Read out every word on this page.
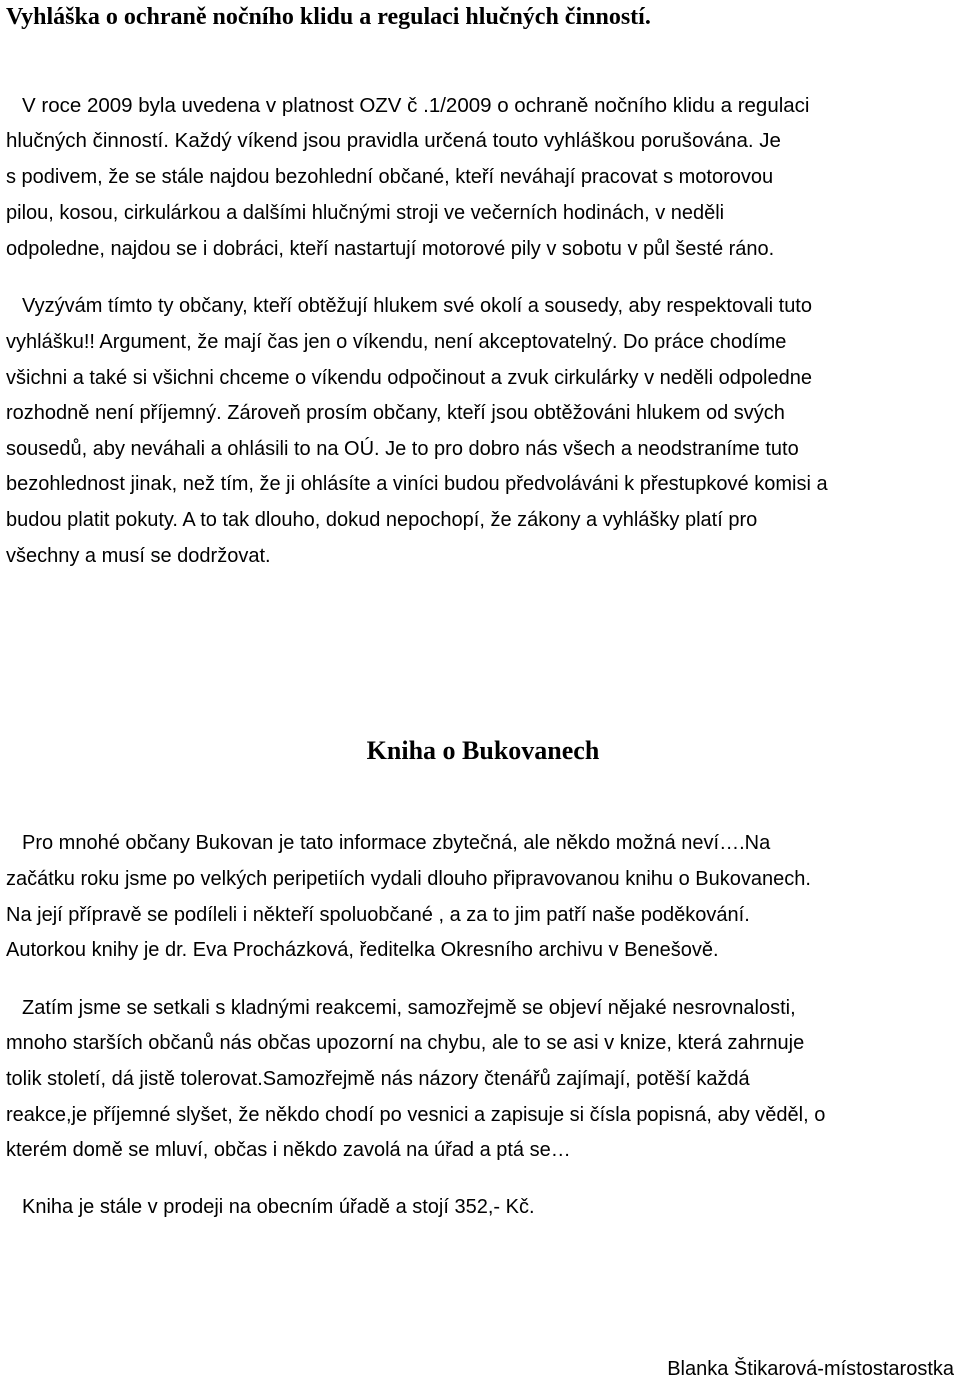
Vyhláška o ochraně nočního klidu a regulaci hlučných činností.

V roce 2009 byla uvedena v platnost OZV č .1/2009 o ochraně nočního klidu a regulaci

hlučných činností. Každý víkend jsou pravidla určená touto vyhláškou porušována. Je

s podivem, že se stále najdou bezohlední občané, kteří neváhají pracovat s motorovou

pilou, kosou, cirkulárkou a dalšími hlučnými stroji ve večerních hodinách, v neděli

odpoledne, najdou se i dobráci, kteří nastartují motorové pily v sobotu v půl šesté ráno.

Vyzývám tímto ty občany, kteří obtěžují hlukem své okolí a sousedy, aby respektovali tuto

vyhlášku!! Argument, že mají čas jen o víkendu, není akceptovatelný. Do práce chodíme

všichni a také si všichni chceme o víkendu odpočinout a zvuk cirkulárky v neděli odpoledne

rozhodně není příjemný. Zároveň prosím občany, kteří jsou obtěžováni hlukem od svých

sousedů, aby neváhali a ohlásili to na OÚ. Je to pro dobro nás všech a neodstraníme tuto

bezohlednost jinak, než tím, že ji ohlásíte a viníci budou předvoláváni k přestupkové komisi a

budou platit pokuty. A to tak dlouho, dokud nepochopí, že zákony a vyhlášky platí pro

všechny a musí se dodržovat.

Kniha o Bukovanech

Pro mnohé občany Bukovan je tato informace zbytečná, ale někdo možná neví….Na

začátku roku jsme po velkých peripetiích vydali dlouho připravovanou knihu o Bukovanech.

Na její přípravě se podíleli i někteří spoluobčané , a za to jim patří naše poděkování.

Autorkou knihy je dr. Eva Procházková, ředitelka Okresního archivu v Benešově.

Zatím jsme se setkali s kladnými reakcemi, samozřejmě se objeví nějaké nesrovnalosti,

mnoho starších občanů nás občas upozorní na chybu, ale to se asi v knize, která zahrnuje

tolik století, dá jistě tolerovat.Samozřejmě nás názory čtenářů zajímají, potěší každá

reakce,je příjemné slyšet, že někdo chodí po vesnici a zapisuje si čísla popisná, aby věděl, o

kterém domě se mluví, občas i někdo zavolá na úřad a ptá se…

Kniha je stále v prodeji na obecním úřadě a stojí 352,- Kč.

Blanka Štikarová-místostarostka
